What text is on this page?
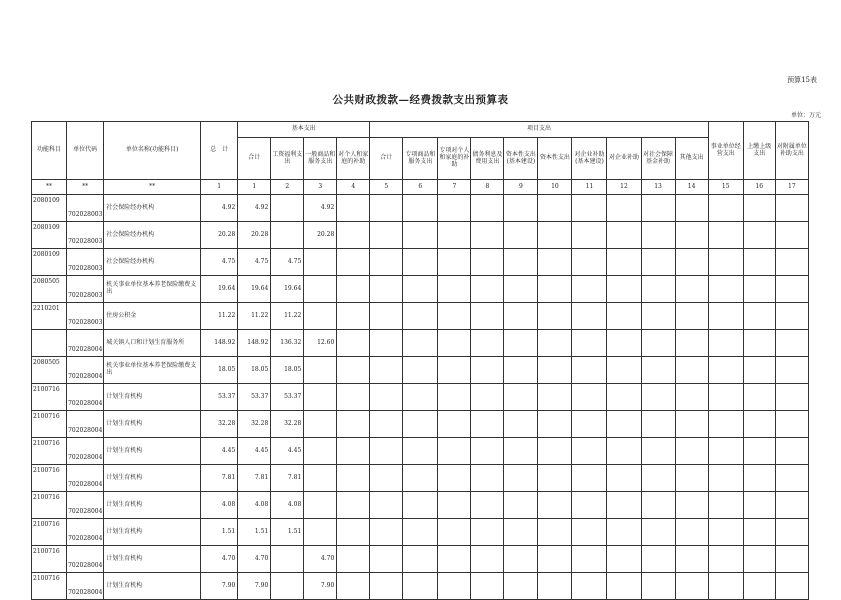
预算15表
公共财政拨款—经费拨款支出预算表
单位：万元
功能科目	单位代码	单位名称(功能科目)	总　计	基本支出				项目支出										事业单位经营支出	上缴上级支出	对附属单位补助支出
				合计	工资福利支出	一般商品和服务支出	对个人和家庭的补助	合计	专项商品和服务支出	专项对个人和家庭的补助	债务利息及费用支出	资本性支出(基本建设)	资本性支出	对企业补助(基本建设)	对企业补助	对社会保障基金补助	其他支出			
**	**	**	1	1	2	3	4	5	6	7	8	9	10	11	12	13	14	15	16	17
2080109	702028003	社会保险经办机构	4.92	4.92		4.92														
2080109	702028003	社会保险经办机构	20.28	20.28		20.28														
2080109	702028003	社会保险经办机构	4.75	4.75	4.75															
2080505	702028003	机关事业单位基本养老保险缴费支出	19.64	19.64	19.64															
2210201	702028003	住房公积金	11.22	11.22	11.22															
	702028004	城关镇人口和计划生育服务所	148.92	148.92	136.32	12.60														
2080505	702028004	机关事业单位基本养老保险缴费支出	18.05	18.05	18.05															
2100716	702028004	计划生育机构	53.37	53.37	53.37															
2100716	702028004	计划生育机构	32.28	32.28	32.28															
2100716	702028004	计划生育机构	4.45	4.45	4.45															
2100716	702028004	计划生育机构	7.81	7.81	7.81															
2100716	702028004	计划生育机构	4.08	4.08	4.08															
2100716	702028004	计划生育机构	1.51	1.51	1.51															
2100716	702028004	计划生育机构	4.70	4.70		4.70														
2100716	702028004	计划生育机构	7.90	7.90		7.90														
